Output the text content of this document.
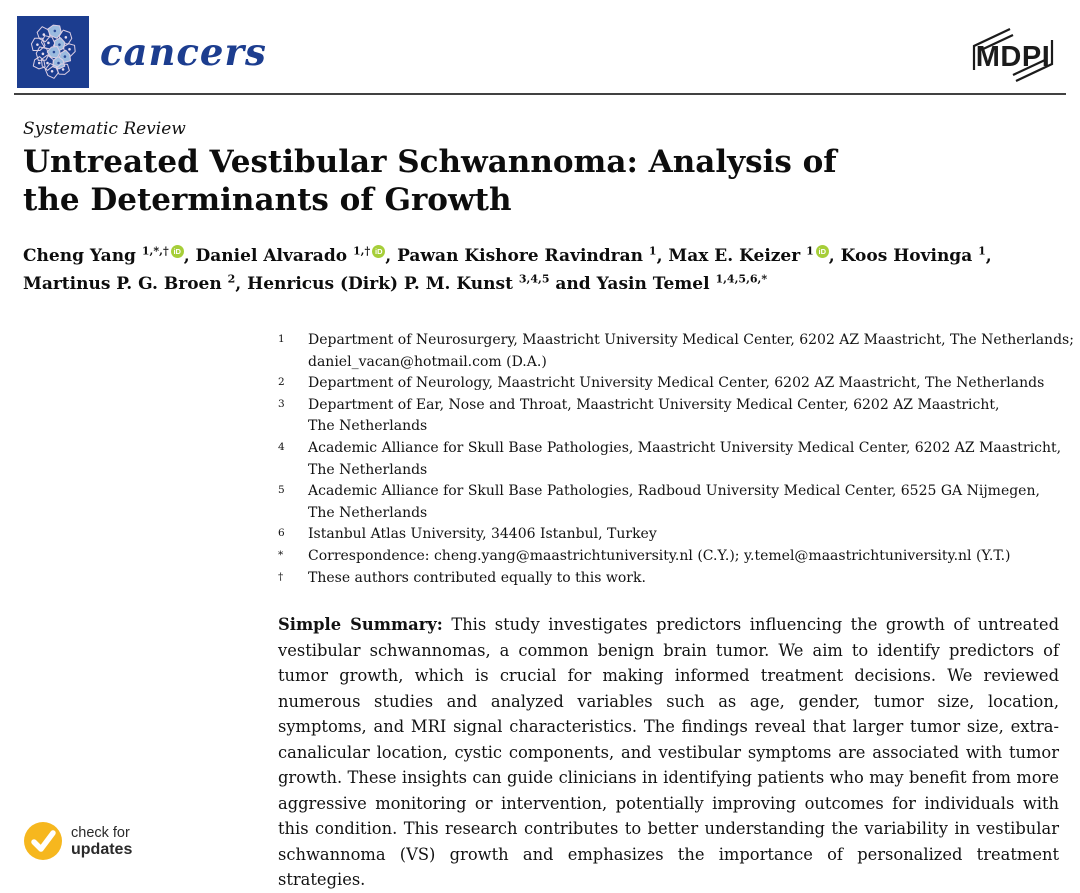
cancers	MDPI
Systematic Review
Untreated Vestibular Schwannoma: Analysis of the Determinants of Growth
Cheng Yang $^{1,*,\dagger}$ iD , Daniel Alvarado $^{1,\dagger}$ iD , Pawan Kishore Ravindran $^1$, Max E. Keizer $^1$ iD , Koos Hovinga $^1$, Martinus P. G. Broen $^2$, Henricus (Dirk) P. M. Kunst $^{3,4,5}$ and Yasin Temel $^{1,4,5,6,*}$
1	Department of Neurosurgery, Maastricht University Medical Center, 6202 AZ Maastricht, The Netherlands;
daniel_vacan@hotmail.com (D.A.)
2	Department of Neurology, Maastricht University Medical Center, 6202 AZ Maastricht, The Netherlands
3	Department of Ear, Nose and Throat, Maastricht University Medical Center, 6202 AZ Maastricht,
The Netherlands
4	Academic Alliance for Skull Base Pathologies, Maastricht University Medical Center, 6202 AZ Maastricht,
The Netherlands
5	Academic Alliance for Skull Base Pathologies, Radboud University Medical Center, 6525 GA Nijmegen,
The Netherlands
6	Istanbul Atlas University, 34406 Istanbul, Turkey
*	Correspondence: cheng.yang@maastrichtuniversity.nl (C.Y.); y.temel@maastrichtuniversity.nl (Y.T.)
†	These authors contributed equally to this work.

Simple Summary: This study investigates predictors influencing the growth of untreated vestibular schwannomas, a common benign brain tumor. We aim to identify predictors of tumor growth, which is crucial for making informed treatment decisions. We reviewed numerous studies and analyzed variables such as age, gender, tumor size, location, symptoms, and MRI signal characteristics. The findings reveal that larger tumor size, extra-canalicular location, cystic components, and vestibular symptoms are associated with tumor growth. These insights can guide clinicians in identifying patients who may benefit from more aggressive monitoring or intervention, potentially improving outcomes for individuals with this condition. This research contributes to better understanding the variability in vestibular schwannoma (VS) growth and emphasizes the importance of personalized treatment strategies.

check for
updates
